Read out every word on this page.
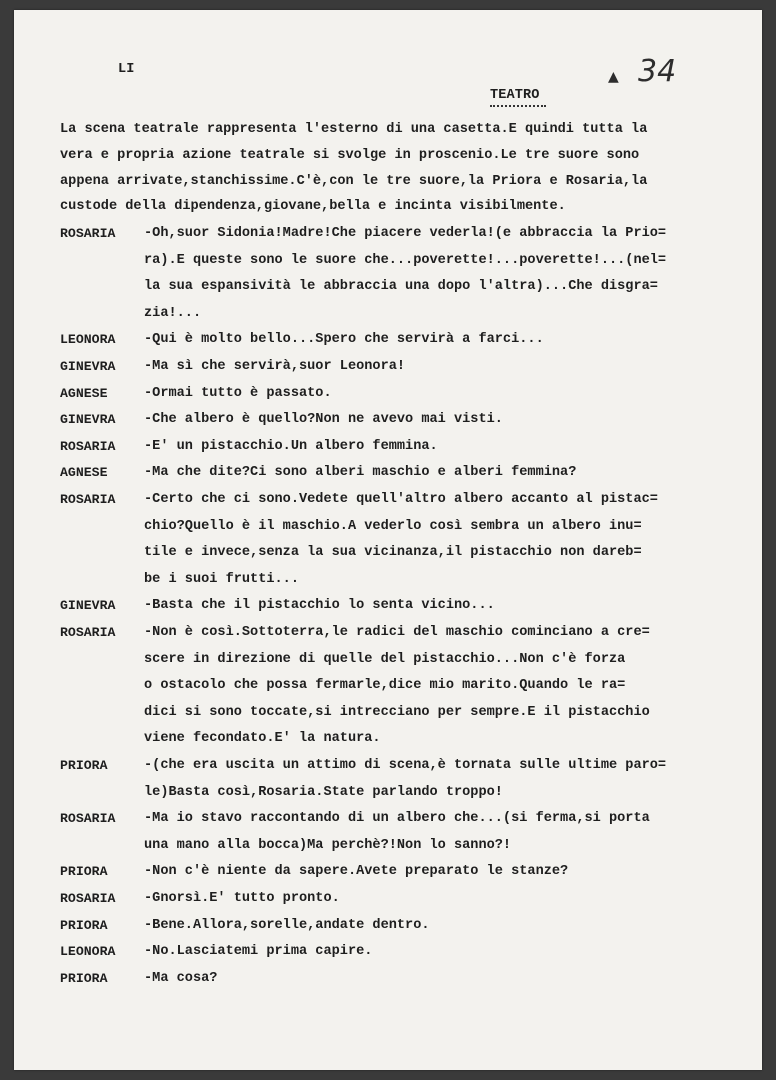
LI	▲ 34
TEATRO
La scena teatrale rappresenta l'esterno di una casetta.E quindi tutta la
vera e propria azione teatrale si svolge in proscenio.Le tre suore sono
appena arrivate,stanchissime.C'è,con le tre suore,la Priora e Rosaria,la
custode della dipendenza,giovane,bella e incinta visibilmente.
ROSARIA -Oh,suor Sidonia!Madre!Che piacere vederla!(e abbraccia la Prio=
ra).E queste sono le suore che...poverette!...poverette!...(nel=
la sua espansività le abbraccia una dopo l'altra)...Che disgra=
zia!...
LEONORA -Qui è molto bello...Spero che servirà a farci...
GINEVRA -Ma sì che servirà,suor Leonora!
AGNESE	-Ormai tutto è passato.
GINEVRA -Che albero è quello?Non ne avevo mai visti.
ROSARIA -E' un pistacchio.Un albero femmina.
AGNESE	-Ma che dite?Ci sono alberi maschio e alberi femmina?
ROSARIA -Certo che ci sono.Vedete quell'altro albero accanto al pistac=
chio?Quello è il maschio.A vederlo così sembra un albero inu=
tile e invece,senza la sua vicinanza,il pistacchio non dareb=
be i suoi frutti...
GINEVRA -Basta che il pistacchio lo senta vicino...
ROSARIA -Non è così.Sottoterra,le radici del maschio cominciano a cre=
scere in direzione di quelle del pistacchio...Non c'è forza
o ostacolo che possa fermarle,dice mio marito.Quando le ra=
dici si sono toccate,si intrecciano per sempre.E il pistacchio
viene fecondato.E' la natura.
PRIORA	-(che era uscita un attimo di scena,è tornata sulle ultime paro=
le)Basta così,Rosaria.State parlando troppo!
ROSARIA -Ma io stavo raccontando di un albero che...(si ferma,si porta
una mano alla bocca)Ma perchè?!Non lo sanno?!
PRIORA	-Non c'è niente da sapere.Avete preparato le stanze?
ROSARIA -Gnorsì.E' tutto pronto.
PRIORA	-Bene.Allora,sorelle,andate dentro.
LEONORA -No.Lasciatemi prima capire.
PRIORA	-Ma cosa?
